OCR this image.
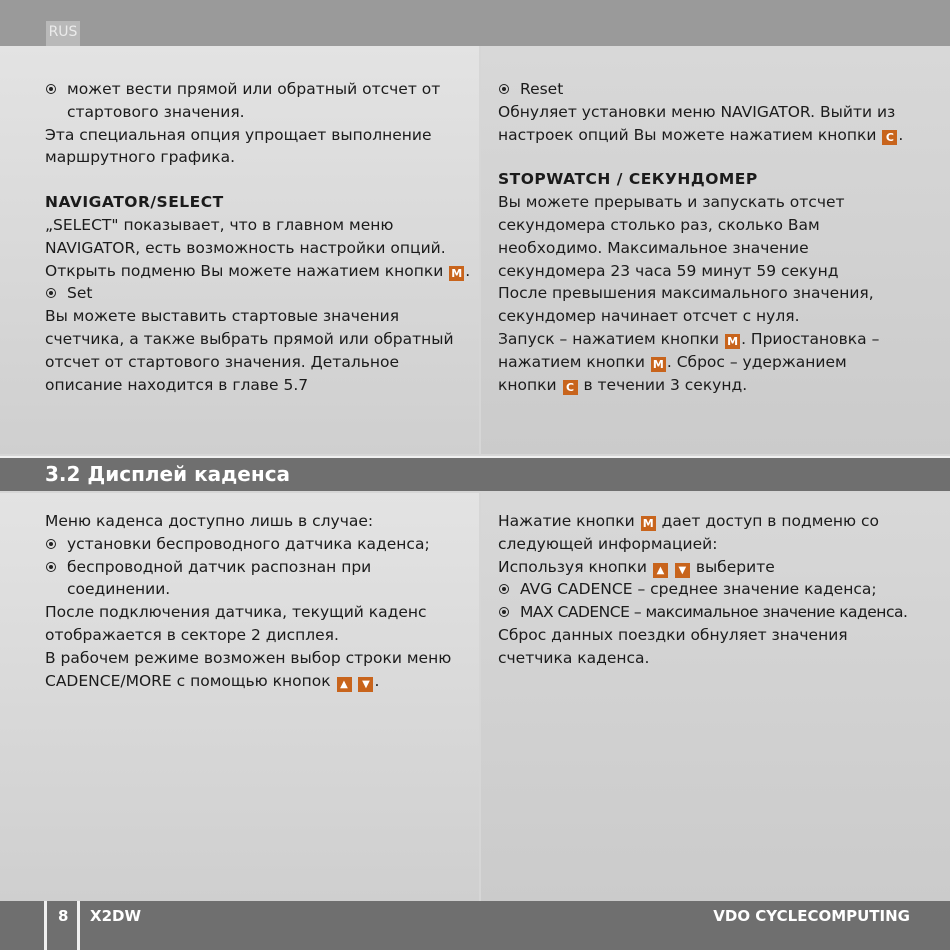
RUS

может вести прямой или обратный отсчет от

стартового значения.

Эта специальная опция упрощает выполнение

маршрутного графика.

NAVIGATOR/SELECT

„SELECT" показывает, что в главном меню

NAVIGATOR, есть возможность настройки опций.

Открыть подменю Вы можете нажатием кнопки M .

Set

Вы можете выставить стартовые значения

счетчика, а также выбрать прямой или обратный

отсчет от стартового значения. Детальное

описание находится в главе 5.7

Reset

Обнуляет установки меню NAVIGATOR. Выйти из

настроек опций Вы можете нажатием кнопки C .

STOPWATCH / СЕКУНДОМЕР

Вы можете прерывать и запускать отсчет

секундомера столько раз, сколько Вам

необходимо. Максимальное значение

секундомера 23 часа 59 минут 59 секунд

После превышения максимального значения,

секундомер начинает отсчет с нуля.

Запуск – нажатием кнопки M . Приостановка –

нажатием кнопки M . Сброс – удержанием

кнопки C в течении 3 секунд.

3.2 Дисплей каденса

Меню каденса доступно лишь в случае:

установки беспроводного датчика каденса;

беспроводной датчик распознан при

соединении.

После подключения датчика, текущий каденс

отображается в секторе 2 дисплея.

В рабочем режиме возможен выбор строки меню

CADENCE/MORE с помощью кнопок ▲ ▼ .

Нажатие кнопки M дает доступ в подменю со

следующей информацией:

Используя кнопки ▲ ▼ выберите

AVG CADENCE – среднее значение каденса;

MAX CADENCE – максимальное значение каденса.

Сброс данных поездки обнуляет значения

счетчика каденса.

8 X2DW	VDO CYCLECOMPUTING
